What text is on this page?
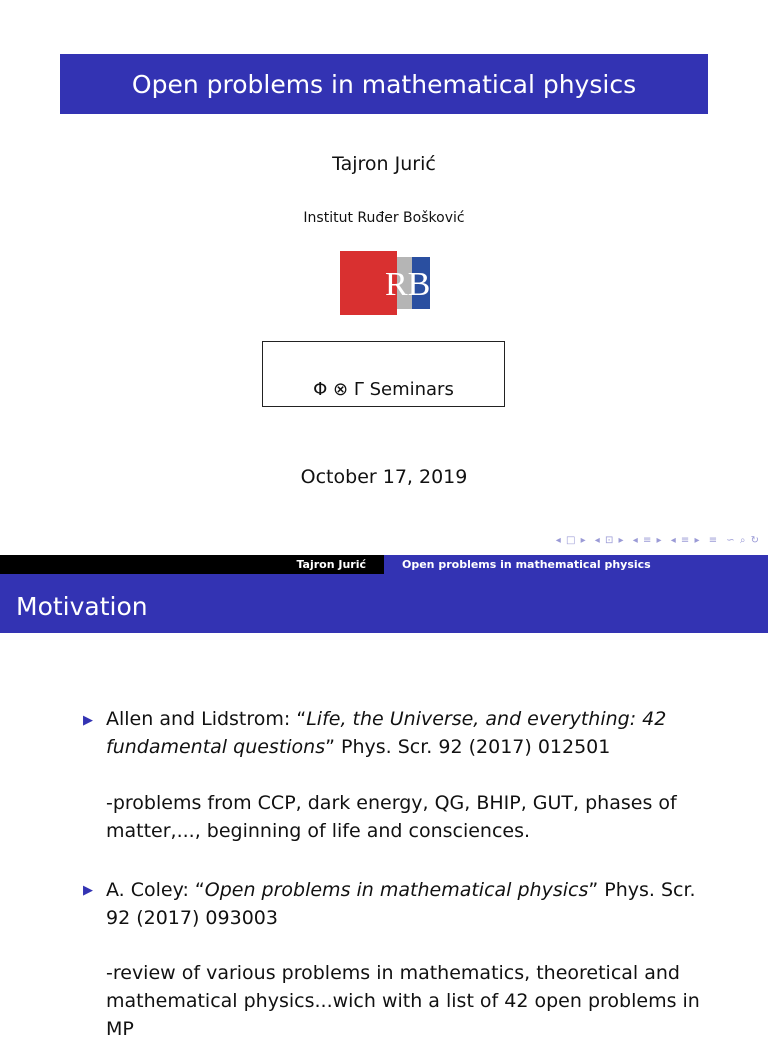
Open problems in mathematical physics
Tajron Jurić
Institut Ruđer Bošković
RB
Φ ⊗ Γ Seminars
October 17, 2019
◂ □ ▸ ◂ ⊡ ▸ ◂ ≡ ▸ ◂ ≡ ▸ ≡ ∽ ⌕ ↻
Tajron Jurić	Open problems in mathematical physics
Motivation
▶ Allen and Lidstrom: “Life, the Universe, and everything: 42 fundamental questions” Phys. Scr. 92 (2017) 012501
-problems from CCP, dark energy, QG, BHIP, GUT, phases of matter,..., beginning of life and consciences.
▶ A. Coley: “Open problems in mathematical physics” Phys. Scr. 92 (2017) 093003
-review of various problems in mathematics, theoretical and mathematical physics...wich with a list of 42 open problems in MP
